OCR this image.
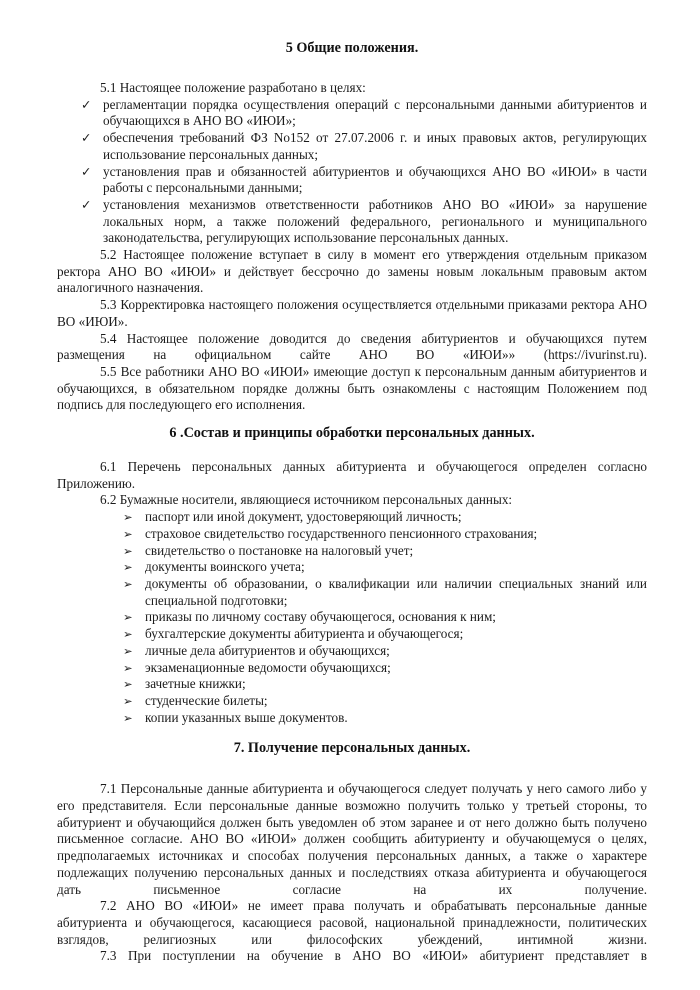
5 Общие положения.

5.1 Настоящее положение разработано в целях:

✓ регламентации порядка осуществления операций с персональными данными абитуриентов и обучающихся в АНО ВО «ИЮИ»;
✓ обеспечения требований ФЗ No152 от 27.07.2006 г. и иных правовых актов, регулирующих использование персональных данных;
✓ установления прав и обязанностей абитуриентов и обучающихся АНО ВО «ИЮИ» в части работы с персональными данными;
✓ установления механизмов ответственности работников АНО ВО «ИЮИ» за нарушение локальных норм, а также положений федерального, регионального и муниципального законодательства, регулирующих использование персональных данных.

5.2 Настоящее положение вступает в силу в момент его утверждения отдельным приказом ректора АНО ВО «ИЮИ» и действует бессрочно до замены новым локальным правовым актом аналогичного назначения.

5.3 Корректировка настоящего положения осуществляется отдельными приказами ректора АНО ВО «ИЮИ».

5.4 Настоящее положение доводится до сведения абитуриентов и обучающихся путем размещения на официальном сайте АНО ВО «ИЮИ»» (https://ivurinst.ru).

5.5 Все работники АНО ВО «ИЮИ» имеющие доступ к персональным данным абитуриентов и обучающихся, в обязательном порядке должны быть ознакомлены с настоящим Положением под подпись для последующего его исполнения.

6 .Состав и принципы обработки персональных данных.

6.1 Перечень персональных данных абитуриента и обучающегося определен согласно Приложению.

6.2 Бумажные носители, являющиеся источником персональных данных:

➢ паспорт или иной документ, удостоверяющий личность;
➢ страховое свидетельство государственного пенсионного страхования;
➢ свидетельство о постановке на налоговый учет;
➢ документы воинского учета;
➢ документы об образовании, о квалификации или наличии специальных знаний или специальной подготовки;
➢ приказы по личному составу обучающегося, основания к ним;
➢ бухгалтерские документы абитуриента и обучающегося;
➢ личные дела абитуриентов и обучающихся;
➢ экзаменационные ведомости обучающихся;
➢ зачетные книжки;
➢ студенческие билеты;
➢ копии указанных выше документов.
7. Получение персональных данных.

7.1 Персональные данные абитуриента и обучающегося следует получать у него самого либо у его представителя. Если персональные данные возможно получить только у третьей стороны, то абитуриент и обучающийся должен быть уведомлен об этом заранее и от него должно быть получено письменное согласие. АНО ВО «ИЮИ» должен сообщить абитуриенту и обучающемуся о целях, предполагаемых источниках и способах получения персональных данных, а также о характере подлежащих получению персональных данных и последствиях отказа абитуриента и обучающегося дать письменное согласие на их получение.

7.2 АНО ВО «ИЮИ» не имеет права получать и обрабатывать персональные данные абитуриента и обучающегося, касающиеся расовой, национальной принадлежности, политических взглядов, религиозных или философских убеждений, интимной жизни.

7.3 При поступлении на обучение в АНО ВО «ИЮИ» абитуриент представляет в
